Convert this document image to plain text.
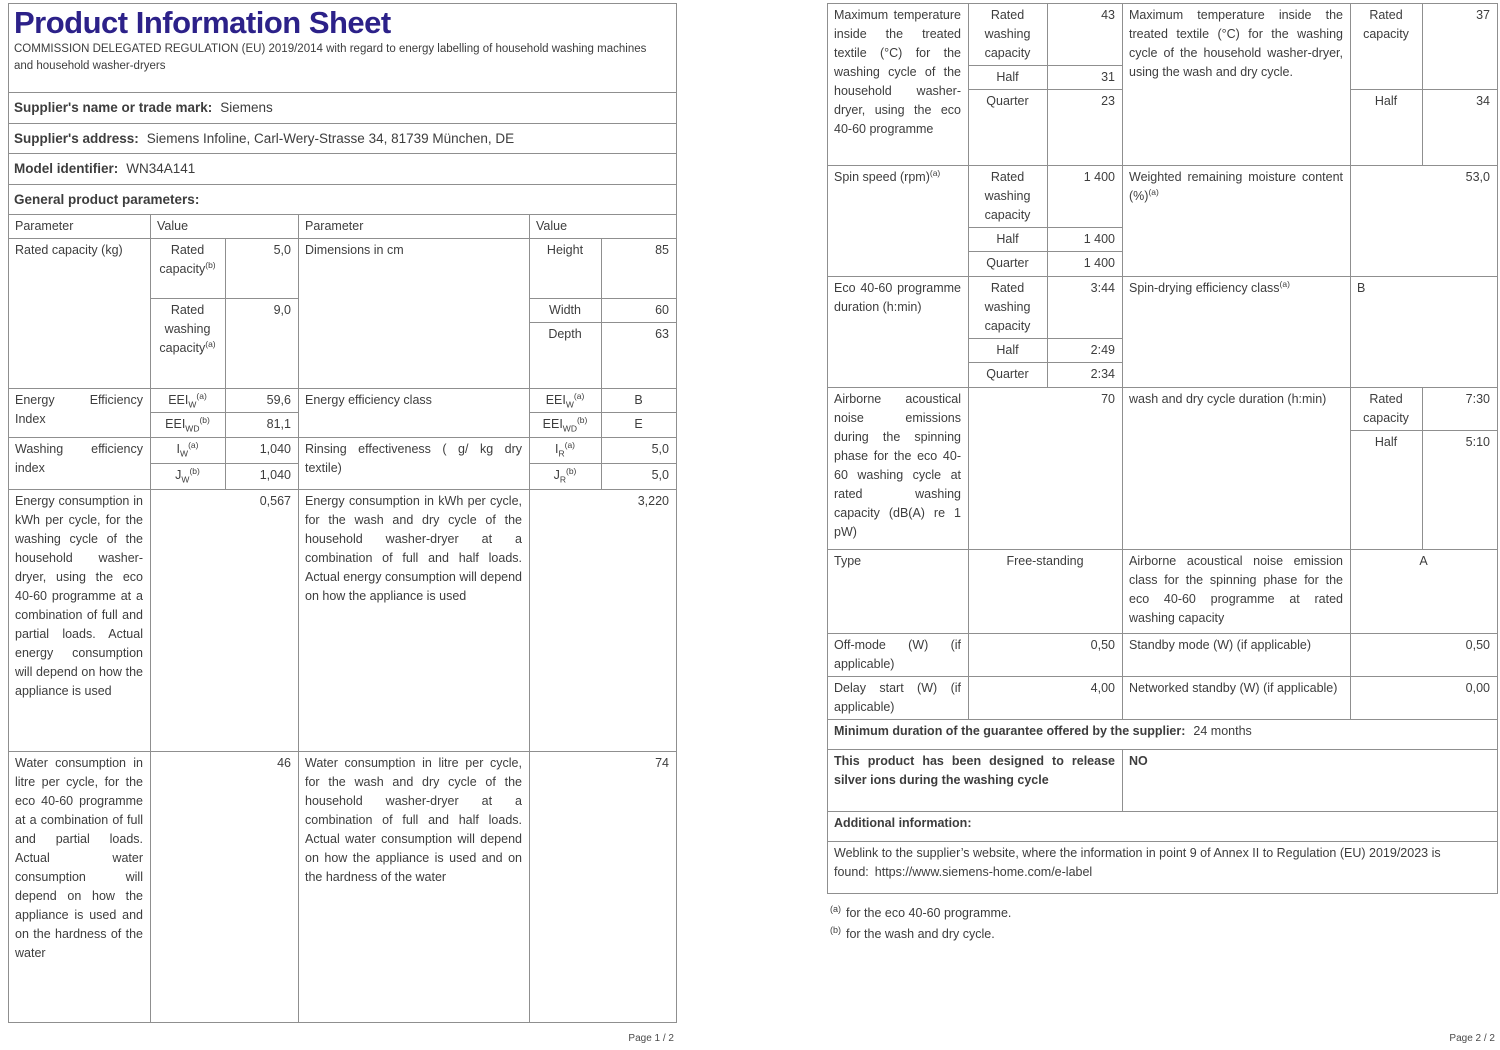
Product Information Sheet

COMMISSION DELEGATED REGULATION (EU) 2019/2014 with regard to energy labelling of household washing machines and household washer-dryers

Supplier's name or trade mark: Siemens					
Supplier's address: Siemens Infoline, Carl-Wery-Strasse 34, 81739 München, DE					
Model identifier: WN34A141					
General product parameters:					
Parameter	Value		Parameter	Value	
Rated capacity (kg)	Rated capacity$^{(b)}$	5,0	Dimensions in cm	Height	85
	Rated washing capacity$^{(a)}$	9,0		Width	60
				Depth	63
Energy Efficiency Index	$EEI_W^{(a)}$	59,6	Energy efficiency class	$EEI_W^{(a)}$	B
	$EEI_{WD}^{(b)}$	81,1		$EEI_{WD}^{(b)}$	E
Washing efficiency index	$I_W^{(a)}$	1,040	Rinsing effectiveness ( g/ kg dry textile)	$I_R^{(a)}$	5,0
	$J_W^{(b)}$	1,040		$J_R^{(b)}$	5,0
Energy consumption in kWh per cycle, for the washing cycle of the household washer-dryer, using the eco 40-60 programme at a combination of full and partial loads. Actual energy consumption will depend on how the appliance is used	0,567	Energy consumption in kWh per cycle, for the wash and dry cycle of the household washer-dryer at a combination of full and half loads. Actual energy consumption will depend on how the appliance is used	3,220
Water consumption in litre per cycle, for the eco 40-60 programme at a combination of full and partial loads. Actual water consumption will depend on how the appliance is used and on the hardness of the water	46	Water consumption in litre per cycle, for the wash and dry cycle of the household washer-dryer at a combination of full and half loads. Actual water consumption will depend on how the appliance is used and on the hardness of the water	74
Page 1 / 2
Maximum temperature inside the treated textile (°C) for the washing cycle of the household washer-dryer, using the eco 40-60 programme	Rated washing capacity	43	Maximum temperature inside the treated textile (°C) for the washing cycle of the household washer-dryer, using the wash and dry cycle.	Rated capacity	37
	Half	31			
	Quarter	23		Half	34
Spin speed (rpm)$^{(a)}$	Rated washing capacity	1 400	Weighted remaining moisture content (%)$^{(a)}$	53,0	
	Half	1 400			
	Quarter	1 400			
Eco 40-60 programme duration (h:min)	Rated washing capacity	3:44	Spin-drying efficiency class$^{(a)}$	B	
	Half	2:49			
	Quarter	2:34			
Airborne acoustical noise emissions during the spinning phase for the eco 40-60 washing cycle at rated washing capacity (dB(A) re 1 pW)	70		wash and dry cycle duration (h:min)	Rated capacity	7:30
				Half	5:10
Type	Free-standing		Airborne acoustical noise emission class for the spinning phase for the eco 40-60 programme at rated washing capacity	A	
Off-mode (W) (if applicable)	0,50		Standby mode (W) (if applicable)	0,50	
Delay start (W) (if applicable)	4,00		Networked standby (W) (if applicable)	0,00	
Minimum duration of the guarantee offered by the supplier: 24 months					
This product has been designed to release silver ions during the washing cycle			NO		
Additional information:					
Weblink to the supplier’s website, where the information in point 9 of Annex II to Regulation (EU) 2019/2023 is found: https://www.siemens-home.com/e-label					
$^{(a)}$ for the eco 40-60 programme.
$^{(b)}$ for the wash and dry cycle.
Page 2 / 2
